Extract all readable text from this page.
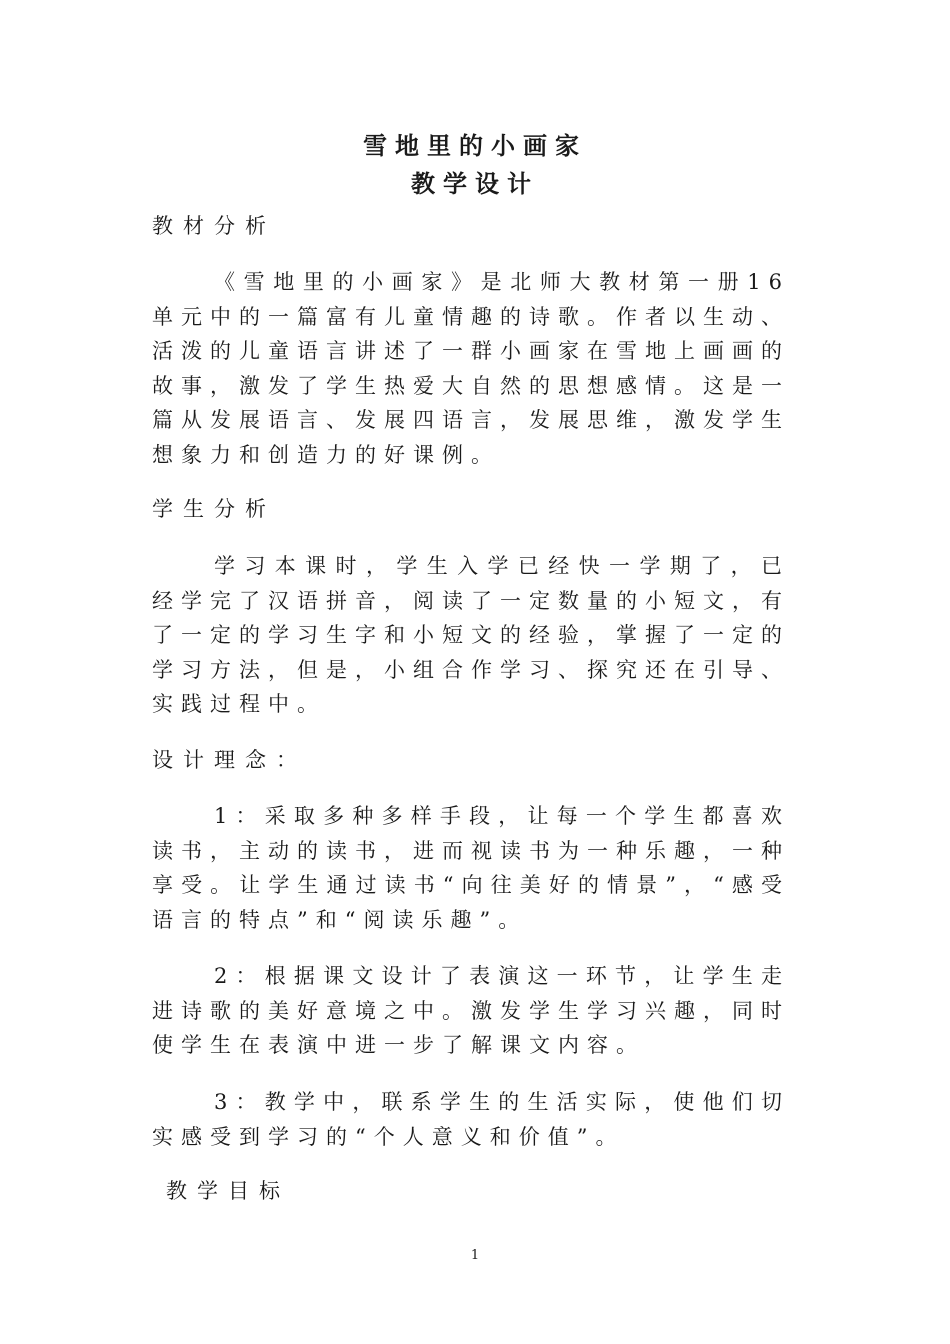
雪地里的小画家
教学设计
教材分析
《雪地里的小画家》是北师大教材第一册16单元中的一篇富有儿童情趣的诗歌。作者以生动、活泼的儿童语言讲述了一群小画家在雪地上画画的故事，激发了学生热爱大自然的思想感情。这是一篇从发展语言、发展四语言，发展思维，激发学生想象力和创造力的好课例。
学生分析
学习本课时，学生入学已经快一学期了，已经学完了汉语拼音，阅读了一定数量的小短文，有了一定的学习生字和小短文的经验，掌握了一定的学习方法，但是，小组合作学习、探究还在引导、实践过程中。
设计理念：
1：采取多种多样手段，让每一个学生都喜欢读书，主动的读书，进而视读书为一种乐趣，一种享受。让学生通过读书“向往美好的情景”，“感受语言的特点”和“阅读乐趣”。
2：根据课文设计了表演这一环节，让学生走进诗歌的美好意境之中。激发学生学习兴趣，同时使学生在表演中进一步了解课文内容。
3：教学中，联系学生的生活实际，使他们切实感受到学习的“个人意义和价值”。
教学目标
1
